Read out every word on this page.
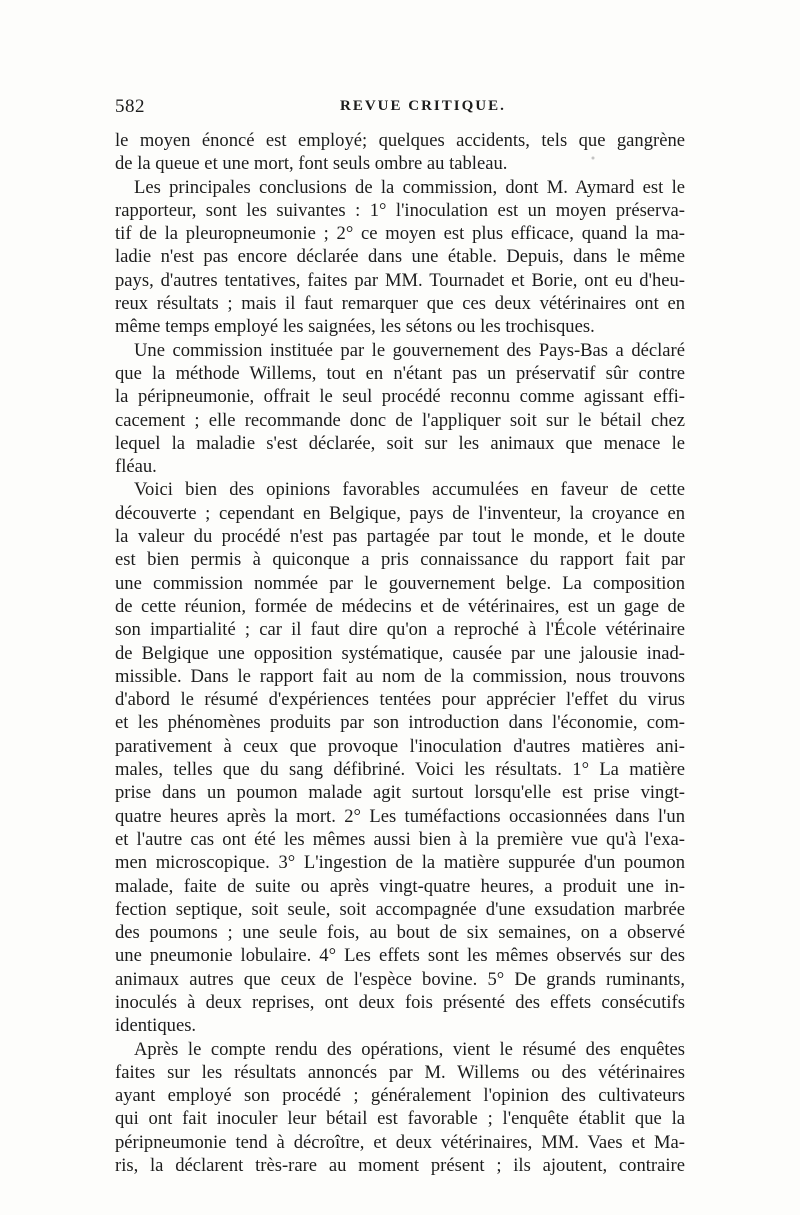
582	REVUE CRITIQUE.
le moyen énoncé est employé; quelques accidents, tels que gangrène
de la queue et une mort, font seuls ombre au tableau.
Les principales conclusions de la commission, dont M. Aymard est le
rapporteur, sont les suivantes : 1° l'inoculation est un moyen préserva-
tif de la pleuropneumonie ; 2° ce moyen est plus efficace, quand la ma-
ladie n'est pas encore déclarée dans une étable. Depuis, dans le même
pays, d'autres tentatives, faites par MM. Tournadet et Borie, ont eu d'heu-
reux résultats ; mais il faut remarquer que ces deux vétérinaires ont en
même temps employé les saignées, les sétons ou les trochisques.
Une commission instituée par le gouvernement des Pays-Bas a déclaré
que la méthode Willems, tout en n'étant pas un préservatif sûr contre
la péripneumonie, offrait le seul procédé reconnu comme agissant effi-
cacement ; elle recommande donc de l'appliquer soit sur le bétail chez
lequel la maladie s'est déclarée, soit sur les animaux que menace le
fléau.
Voici bien des opinions favorables accumulées en faveur de cette
découverte ; cependant en Belgique, pays de l'inventeur, la croyance en
la valeur du procédé n'est pas partagée par tout le monde, et le doute
est bien permis à quiconque a pris connaissance du rapport fait par
une commission nommée par le gouvernement belge. La composition
de cette réunion, formée de médecins et de vétérinaires, est un gage de
son impartialité ; car il faut dire qu'on a reproché à l'École vétérinaire
de Belgique une opposition systématique, causée par une jalousie inad-
missible. Dans le rapport fait au nom de la commission, nous trouvons
d'abord le résumé d'expériences tentées pour apprécier l'effet du virus
et les phénomènes produits par son introduction dans l'économie, com-
parativement à ceux que provoque l'inoculation d'autres matières ani-
males, telles que du sang défibriné. Voici les résultats. 1° La matière
prise dans un poumon malade agit surtout lorsqu'elle est prise vingt-
quatre heures après la mort. 2° Les tuméfactions occasionnées dans l'un
et l'autre cas ont été les mêmes aussi bien à la première vue qu'à l'exa-
men microscopique. 3° L'ingestion de la matière suppurée d'un poumon
malade, faite de suite ou après vingt-quatre heures, a produit une in-
fection septique, soit seule, soit accompagnée d'une exsudation marbrée
des poumons ; une seule fois, au bout de six semaines, on a observé
une pneumonie lobulaire. 4° Les effets sont les mêmes observés sur des
animaux autres que ceux de l'espèce bovine. 5° De grands ruminants,
inoculés à deux reprises, ont deux fois présenté des effets consécutifs
identiques.
Après le compte rendu des opérations, vient le résumé des enquêtes
faites sur les résultats annoncés par M. Willems ou des vétérinaires
ayant employé son procédé ; généralement l'opinion des cultivateurs
qui ont fait inoculer leur bétail est favorable ; l'enquête établit que la
péripneumonie tend à décroître, et deux vétérinaires, MM. Vaes et Ma-
ris, la déclarent très-rare au moment présent ; ils ajoutent, contraire
